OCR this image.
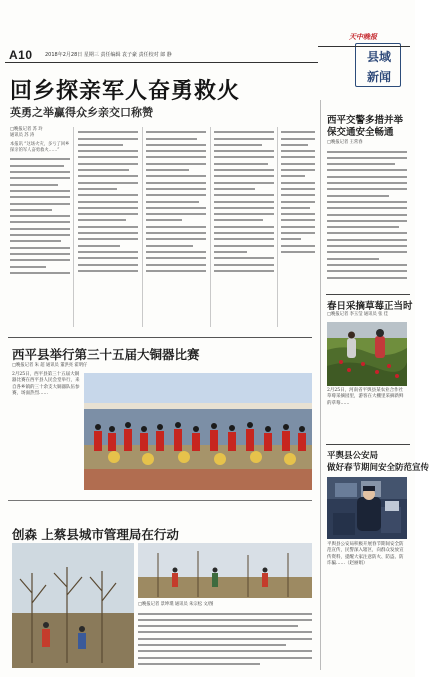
A10 2018年2月28日 星期三 责任编辑 袁子豪 责任校对 郎 静
天中晚报
县域
新闻
回乡探亲军人奋勇救火
英勇之举赢得众乡亲交口称赞
□晚报记者 苏 玲
通讯员 苏 涛
本报讯 “这场火灾，多亏了回乡探亲的军人奋勇救火……”
西平交警多措并举
保交通安全畅通
□晚报记者 王常春
春日采摘草莓正当时
□晚报记者 李玉莹 通讯员 张 佳
2月25日，河南省平舆县某农业合作社草莓采摘园里，游客在大棚里采摘新鲜的草莓……
平舆县公安局
做好春节期间安全防范宣传
平舆县公安局积极开展春节期间安全防范宣传，民警深入辖区，向群众发放宣传资料，提醒大家注意防火、防盗、防诈骗……（赵丽娟）
西平县举行第三十五届大铜器比赛
□晚报记者 朱 超 通讯员 董洪亮 霍明仔
2月25日，西平县第三十五届大铜器比赛在西平县人民会堂举行，来自各乡镇的三十余支大铜器队伍参赛，场面热烈……
创森 上蔡县城市管理局在行动
□晚报记者 景坤璞 通讯员 朱宗松 文/图
